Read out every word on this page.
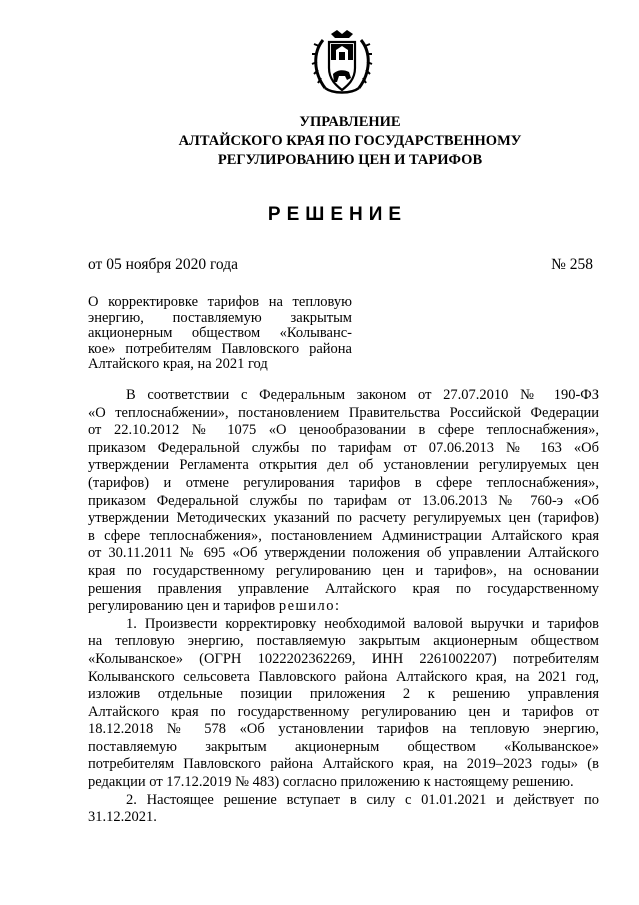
УПРАВЛЕНИЕ
АЛТАЙСКОГО КРАЯ ПО ГОСУДАРСТВЕННОМУ
РЕГУЛИРОВАНИЮ ЦЕН И ТАРИФОВ
РЕШЕНИЕ
от 05 ноября 2020 года	№ 258
О корректировке тарифов на тепловую
энергию, поставляемую закрытым
акционерным обществом «Колыванс-
кое» потребителям Павловского района
Алтайского края, на 2021 год
В соответствии с Федеральным законом от 27.07.2010 № 190-ФЗ
«О теплоснабжении», постановлением Правительства Российской Федерации
от 22.10.2012 № 1075 «О ценообразовании в сфере теплоснабжения»,
приказом Федеральной службы по тарифам от 07.06.2013 № 163 «Об
утверждении Регламента открытия дел об установлении регулируемых цен
(тарифов) и отмене регулирования тарифов в сфере теплоснабжения»,
приказом Федеральной службы по тарифам от 13.06.2013 № 760-э «Об
утверждении Методических указаний по расчету регулируемых цен (тарифов)
в сфере теплоснабжения», постановлением Администрации Алтайского края
от 30.11.2011 № 695 «Об утверждении положения об управлении Алтайского
края по государственному регулированию цен и тарифов», на основании
решения правления управление Алтайского края по государственному
регулированию цен и тарифов решило:
1. Произвести корректировку необходимой валовой выручки и тарифов
на тепловую энергию, поставляемую закрытым акционерным обществом
«Колыванское» (ОГРН 1022202362269, ИНН 2261002207) потребителям
Колыванского сельсовета Павловского района Алтайского края, на 2021 год,
изложив отдельные позиции приложения 2 к решению управления
Алтайского края по государственному регулированию цен и тарифов от
18.12.2018 № 578 «Об установлении тарифов на тепловую энергию,
поставляемую закрытым акционерным обществом «Колыванское»
потребителям Павловского района Алтайского края, на 2019–2023 годы» (в
редакции от 17.12.2019 № 483) согласно приложению к настоящему решению.
2. Настоящее решение вступает в силу с 01.01.2021 и действует по
31.12.2021.
